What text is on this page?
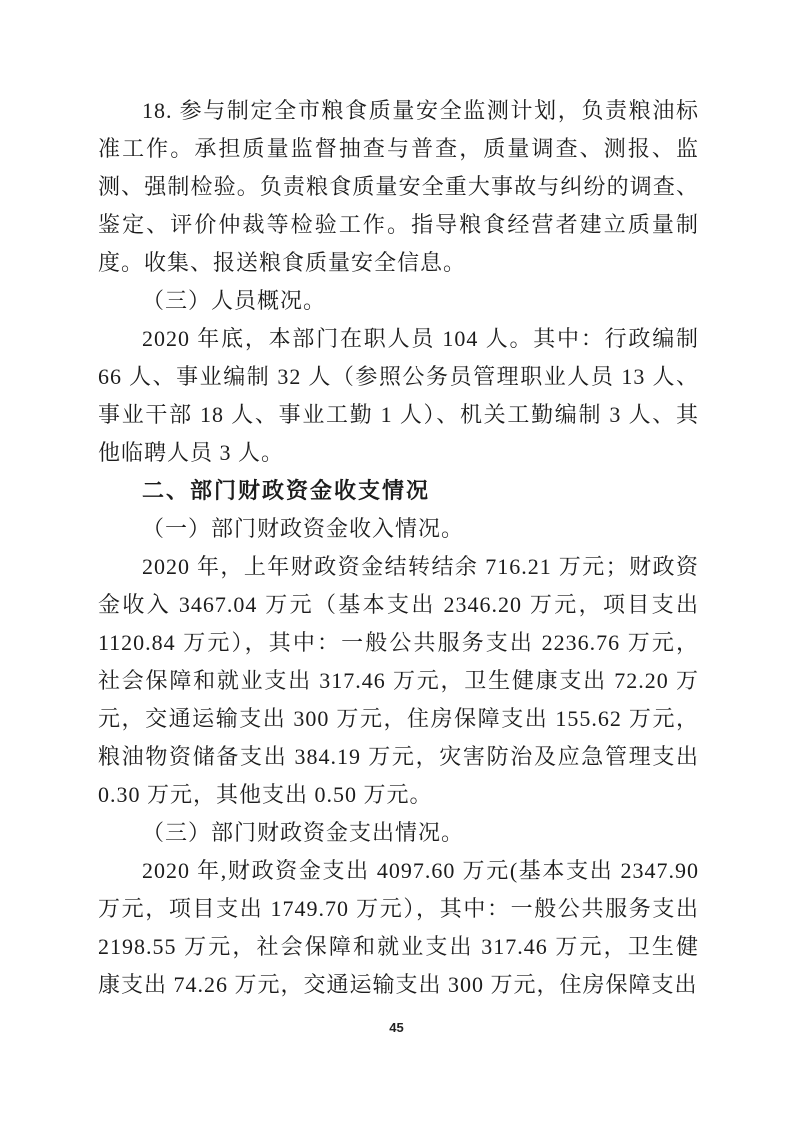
18. 参与制定全市粮食质量安全监测计划，负责粮油标准工作。承担质量监督抽查与普查，质量调查、测报、监测、强制检验。负责粮食质量安全重大事故与纠纷的调查、鉴定、评价仲裁等检验工作。指导粮食经营者建立质量制度。收集、报送粮食质量安全信息。

（三）人员概况。

2020 年底，本部门在职人员 104 人。其中：行政编制 66 人、事业编制 32 人（参照公务员管理职业人员 13 人、事业干部 18 人、事业工勤 1 人）、机关工勤编制 3 人、其他临聘人员 3 人。

二、部门财政资金收支情况

（一）部门财政资金收入情况。

2020 年，上年财政资金结转结余 716.21 万元；财政资金收入 3467.04 万元（基本支出 2346.20 万元，项目支出 1120.84 万元），其中：一般公共服务支出 2236.76 万元，社会保障和就业支出 317.46 万元，卫生健康支出 72.20 万元，交通运输支出 300 万元，住房保障支出 155.62 万元，粮油物资储备支出 384.19 万元，灾害防治及应急管理支出 0.30 万元，其他支出 0.50 万元。

（三）部门财政资金支出情况。

2020 年,财政资金支出 4097.60 万元(基本支出 2347.90 万元，项目支出 1749.70 万元），其中：一般公共服务支出 2198.55 万元，社会保障和就业支出 317.46 万元，卫生健康支出 74.26 万元，交通运输支出 300 万元，住房保障支出

45
